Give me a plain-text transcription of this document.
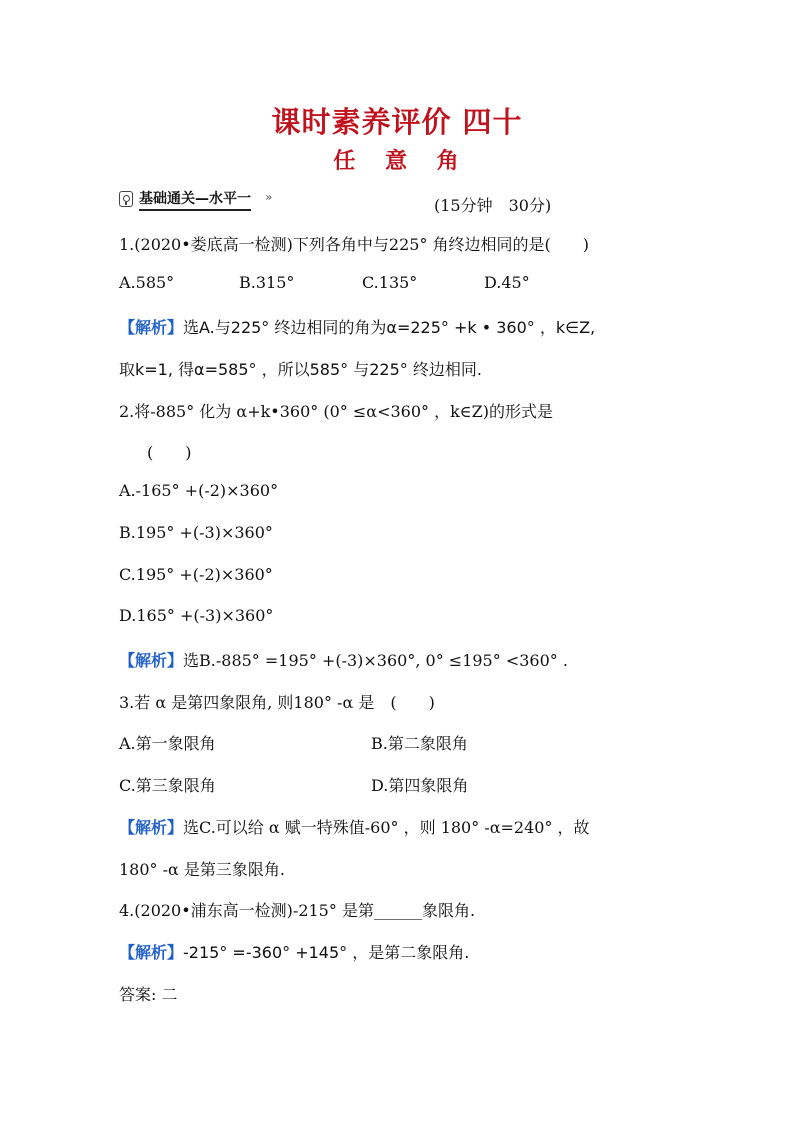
课时素养评价 四十
任 意 角
基础通关—水平一 »	(15分钟　30分)
1.(2020•娄底高一检测)下列各角中与225° 角终边相同的是(　　)
A.585°	B.315°	C.135°	D.45°
【解析】选A.与225° 终边相同的角为α=225° +k • 360° ，k∈Z,
取k=1, 得α=585° ，所以585° 与225° 终边相同.
2.将-885° 化为 α+k•360° (0° ≤α<360° ，k∈Z)的形式是
(　　)
A.-165° +(-2)×360°
B.195° +(-3)×360°
C.195° +(-2)×360°
D.165° +(-3)×360°
【解析】选B.-885° =195° +(-3)×360°, 0° ≤195° <360° .
3.若 α 是第四象限角, 则180° -α 是　(　　)
A.第一象限角	B.第二象限角
C.第三象限角	D.第四象限角
【解析】选C.可以给 α 赋一特殊值-60° ，则 180° -α=240° ，故
180° -α 是第三象限角.
4.(2020•浦东高一检测)-215° 是第______象限角.
【解析】-215° =-360° +145° ，是第二象限角.
答案: 二
